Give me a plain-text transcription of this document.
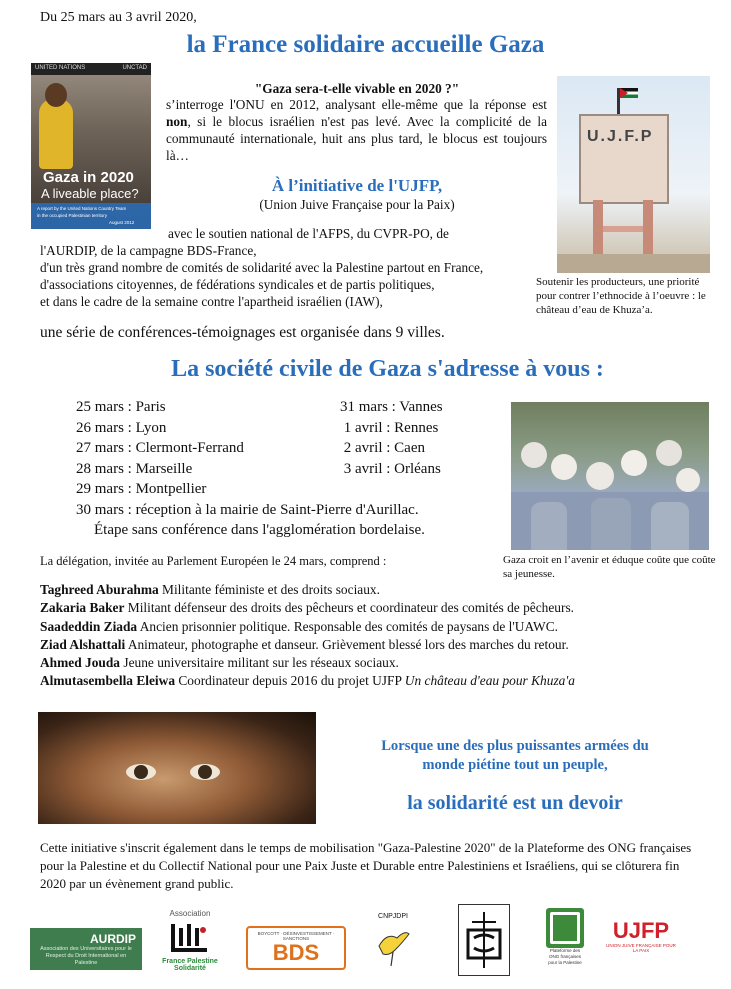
Du 25 mars au 3 avril 2020,
la France solidaire accueille Gaza
UNITED NATIONS	UNCTAD
Gaza in 2020
A liveable place?
A report by the United Nations Country Team
in the occupied Palestinian territory
August 2012
"Gaza sera-t-elle vivable en 2020 ?"
s’interroge l'ONU en 2012, analysant elle-même que la réponse est non, si le blocus israélien n'est pas levé. Avec la complicité de la communauté internationale, huit ans plus tard, le blocus est toujours là…
À l’initiative de l'UJFP,
(Union Juive Française pour la Paix)
avec le soutien national de l'AFPS, du CVPR-PO, de
l'AURDIP, de la campagne BDS-France,
d'un très grand nombre de comités de solidarité avec la Palestine partout en France,
d'associations citoyennes, de fédérations syndicales et de partis politiques,
et dans le cadre de la semaine contre l'apartheid israélien (IAW),
une série de conférences-témoignages est organisée dans 9 villes.
U.J.F.P
Soutenir les producteurs, une priorité pour contrer l’ethnocide à l’oeuvre : le château d’eau de Khuza’a.
La société civile de Gaza s'adresse à vous :
25 mars : Paris
26 mars : Lyon
27 mars : Clermont-Ferrand
28 mars : Marseille
29 mars : Montpellier
30 mars : réception à la mairie de Saint-Pierre d'Aurillac.
31 mars : Vannes
1 avril : Rennes
2 avril : Caen
3 avril : Orléans
Étape sans conférence dans l'agglomération bordelaise.
Gaza croit en l’avenir et éduque coûte que coûte sa jeunesse.
La délégation, invitée au Parlement Européen le 24 mars, comprend :
Taghreed Aburahma Militante féministe et des droits sociaux.
Zakaria Baker Militant défenseur des droits des pêcheurs et coordinateur des comités de pêcheurs.
Saadeddin Ziada Ancien prisonnier politique. Responsable des comités de paysans de l'UAWC.
Ziad Alshattali Animateur, photographe et danseur. Grièvement blessé lors des marches du retour.
Ahmed Jouda Jeune universitaire militant sur les réseaux sociaux.
Almutasembella Eleiwa Coordinateur depuis 2016 du projet UJFP Un château d'eau pour Khuza'a
Lorsque une des plus puissantes armées du
monde piétine tout un peuple,
la solidarité est un devoir
Cette initiative s'inscrit également dans le temps de mobilisation "Gaza-Palestine 2020" de la Plateforme des ONG françaises pour la Palestine et du Collectif National pour une Paix Juste et Durable entre Palestiniens et Israéliens, qui se clôturera fin 2020 par un évènement grand public.
AURDIP
Association des Universitaires pour le Respect du Droit International en Palestine
Association
France Palestine Solidarité
BOYCOTT · DÉSINVESTISSEMENT · SANCTIONS
BDS
CNPJDPI
Plateforme des ONG françaises pour la Palestine
UJFP
UNION JUIVE FRANÇAISE POUR LA PAIX
